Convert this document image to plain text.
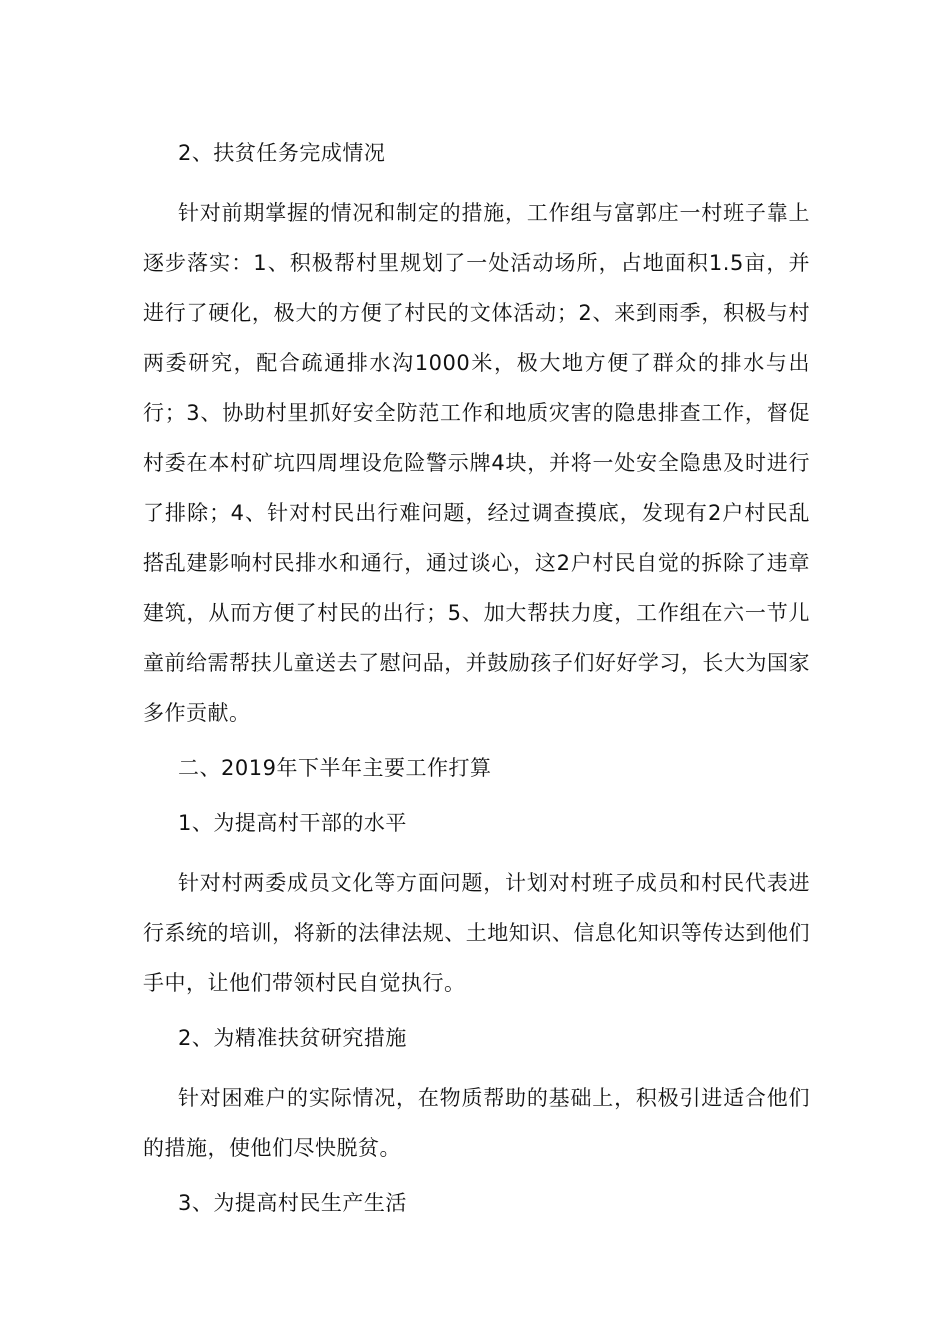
2、扶贫任务完成情况

针对前期掌握的情况和制定的措施，工作组与富郭庄一村班子靠上逐步落实：1、积极帮村里规划了一处活动场所，占地面积1.5亩，并进行了硬化，极大的方便了村民的文体活动；2、来到雨季，积极与村两委研究，配合疏通排水沟1000米，极大地方便了群众的排水与出行；3、协助村里抓好安全防范工作和地质灾害的隐患排查工作，督促村委在本村矿坑四周埋设危险警示牌4块，并将一处安全隐患及时进行了排除；4、针对村民出行难问题，经过调查摸底，发现有2户村民乱搭乱建影响村民排水和通行，通过谈心，这2户村民自觉的拆除了违章建筑，从而方便了村民的出行；5、加大帮扶力度，工作组在六一节儿童前给需帮扶儿童送去了慰问品，并鼓励孩子们好好学习，长大为国家多作贡献。

二、2019年下半年主要工作打算
1、为提高村干部的水平

针对村两委成员文化等方面问题，计划对村班子成员和村民代表进行系统的培训，将新的法律法规、土地知识、信息化知识等传达到他们手中，让他们带领村民自觉执行。

2、为精准扶贫研究措施

针对困难户的实际情况，在物质帮助的基础上，积极引进适合他们的措施，使他们尽快脱贫。

3、为提高村民生产生活
